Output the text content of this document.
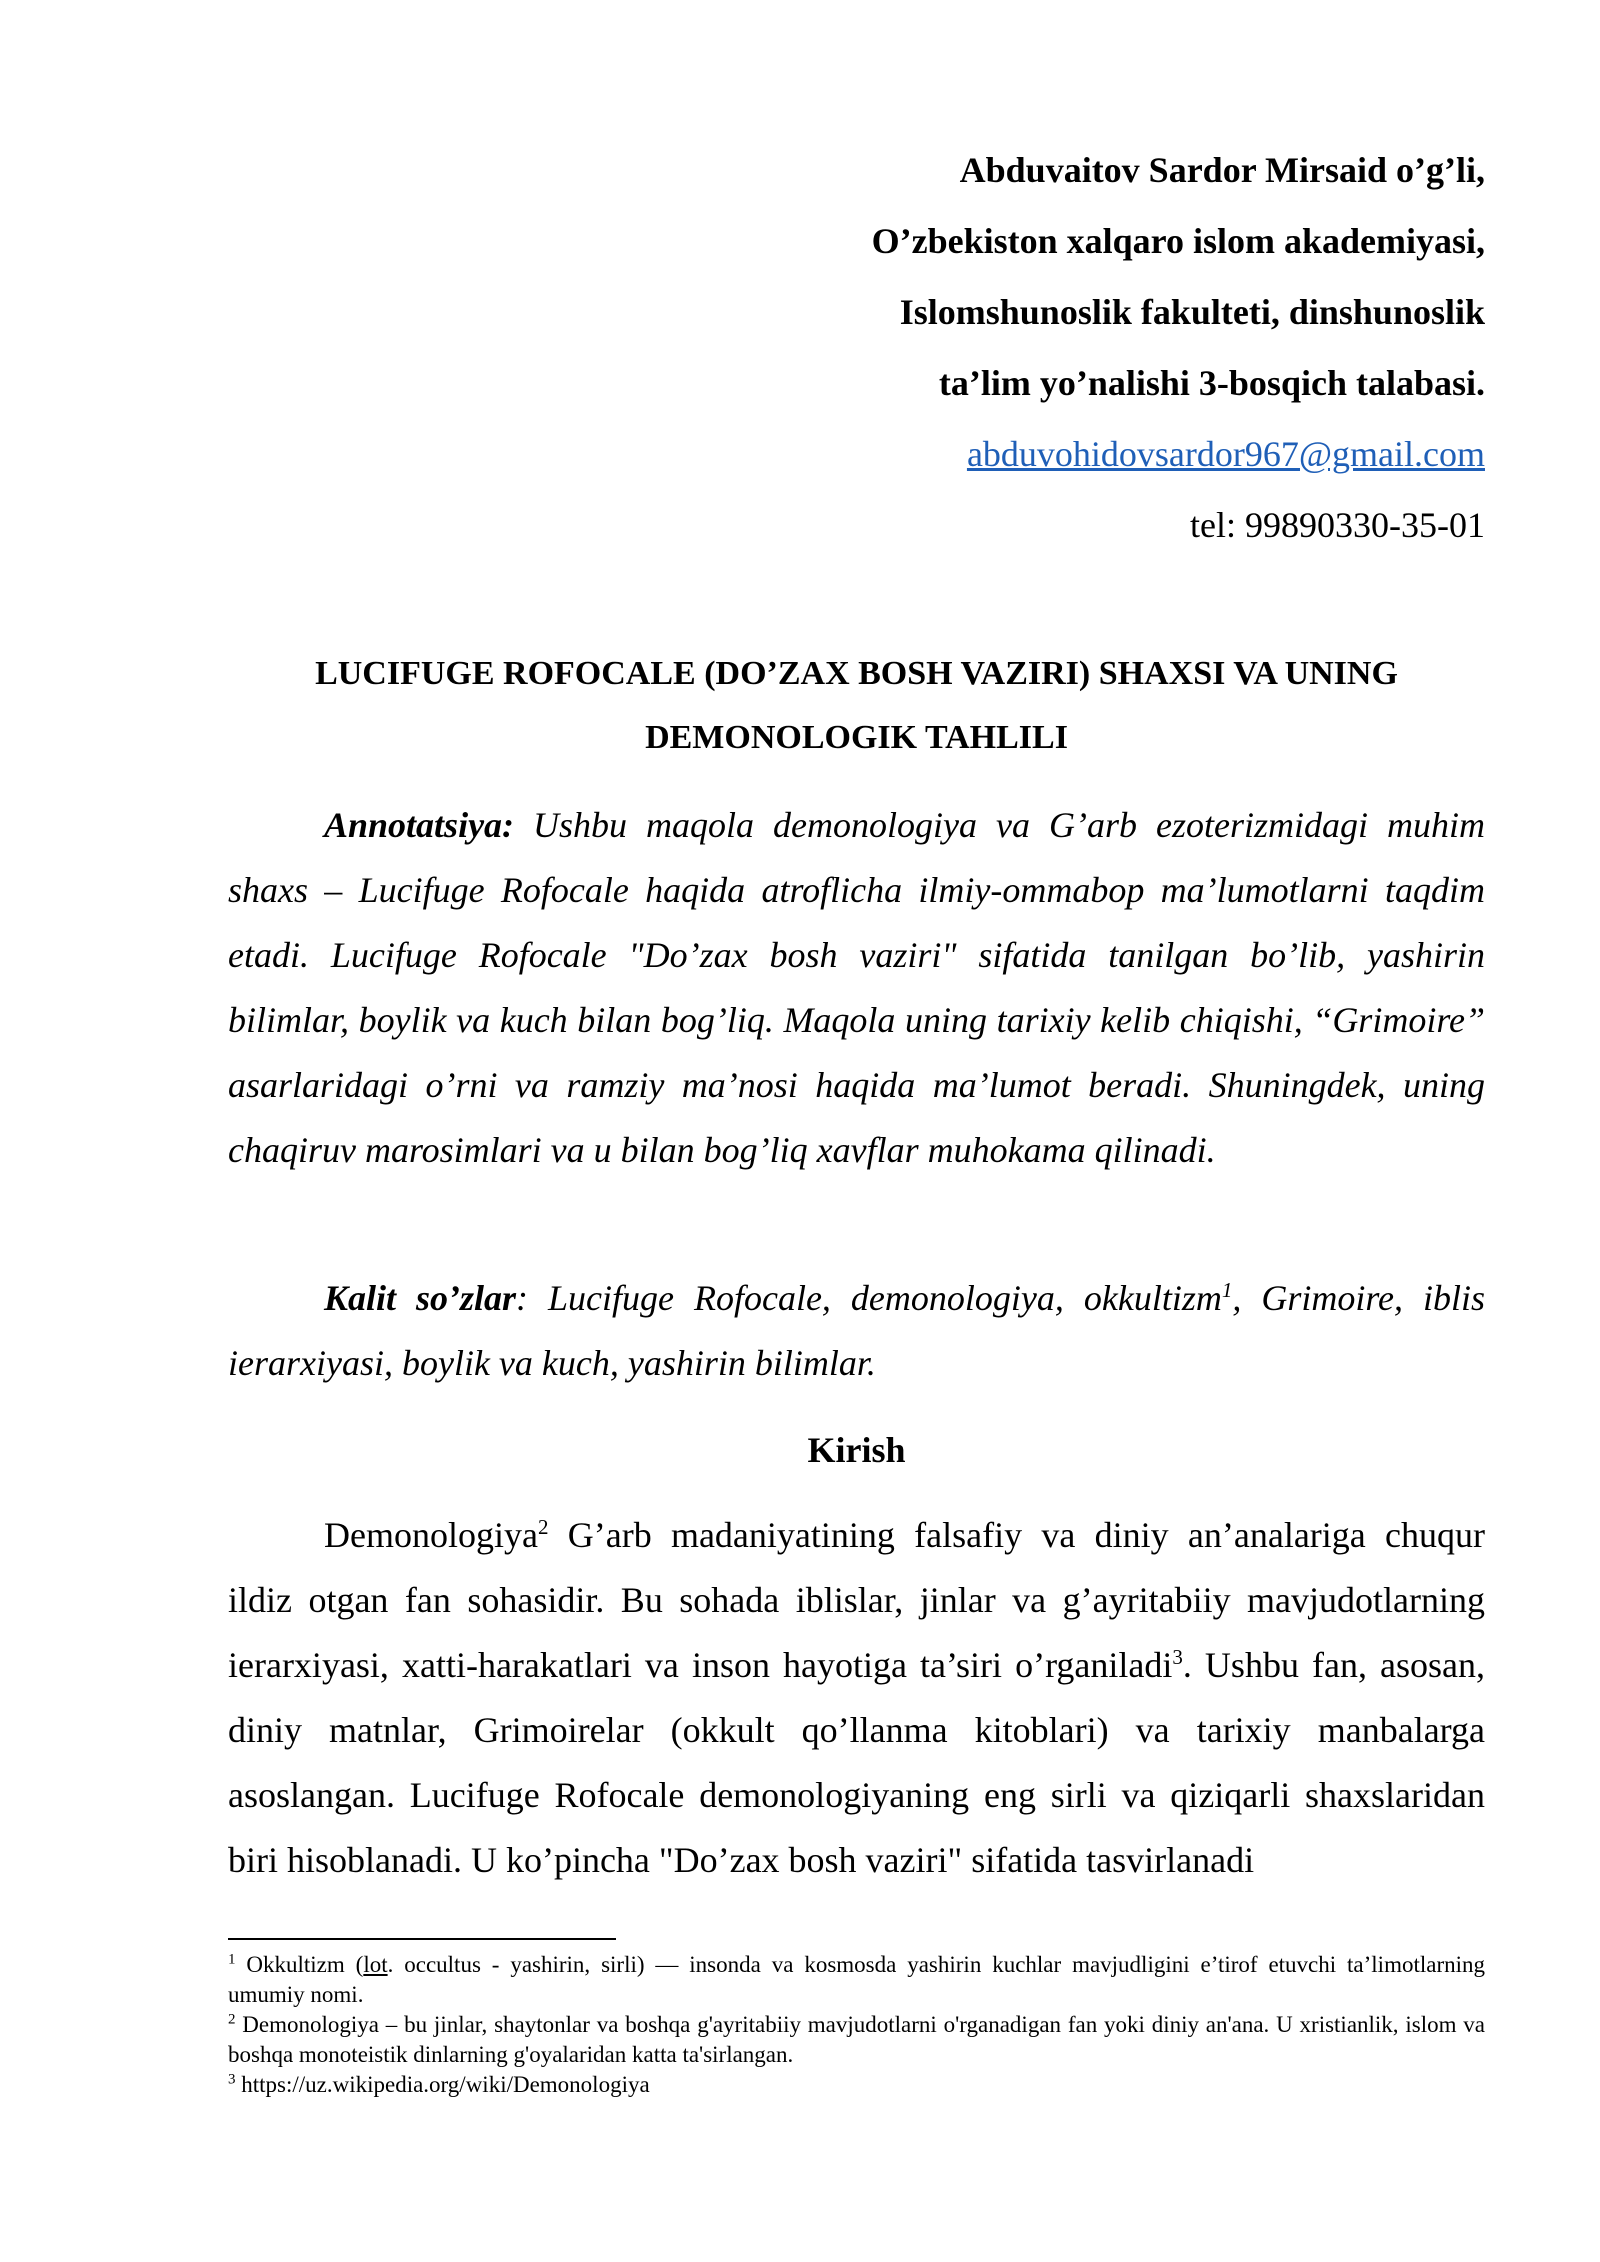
Abduvaitov Sardor Mirsaid o’g’li,
O’zbekiston xalqaro islom akademiyasi,
Islomshunoslik fakulteti, dinshunoslik
ta’lim yo’nalishi 3-bosqich talabasi.
abduvohidovsardor967@gmail.com
tel: 99890330-35-01
LUCIFUGE ROFOCALE (DO’ZAX BOSH VAZIRI) SHAXSI VA UNING DEMONOLOGIK TAHLILI
Annotatsiya: Ushbu maqola demonologiya va G’arb ezoterizmidagi muhim shaxs – Lucifuge Rofocale haqida atroflicha ilmiy-ommabop ma’lumotlarni taqdim etadi. Lucifuge Rofocale "Do’zax bosh vaziri" sifatida tanilgan bo’lib, yashirin bilimlar, boylik va kuch bilan bog’liq. Maqola uning tarixiy kelib chiqishi, “Grimoire” asarlaridagi o’rni va ramziy ma’nosi haqida ma’lumot beradi. Shuningdek, uning chaqiruv marosimlari va u bilan bog’liq xavflar muhokama qilinadi.
Kalit so’zlar: Lucifuge Rofocale, demonologiya, okkultizm$^1$, Grimoire, iblis ierarxiyasi, boylik va kuch, yashirin bilimlar.
Kirish
Demonologiya$^2$ G’arb madaniyatining falsafiy va diniy an’analariga chuqur ildiz otgan fan sohasidir. Bu sohada iblislar, jinlar va g’ayritabiiy mavjudotlarning ierarxiyasi, xatti-harakatlari va inson hayotiga ta’siri o’rganiladi$^3$. Ushbu fan, asosan, diniy matnlar, Grimoirelar (okkult qo’llanma kitoblari) va tarixiy manbalarga asoslangan. Lucifuge Rofocale demonologiyaning eng sirli va qiziqarli shaxslaridan biri hisoblanadi. U ko’pincha "Do’zax bosh vaziri" sifatida tasvirlanadi
$^1$ Okkultizm (lot. occultus - yashirin, sirli) — insonda va kosmosda yashirin kuchlar mavjudligini e’tirof etuvchi ta’limotlarning umumiy nomi.
$^2$ Demonologiya – bu jinlar, shaytonlar va boshqa g'ayritabiiy mavjudotlarni o'rganadigan fan yoki diniy an'ana. U xristianlik, islom va boshqa monoteistik dinlarning g'oyalaridan katta ta'sirlangan.
$^3$ https://uz.wikipedia.org/wiki/Demonologiya
